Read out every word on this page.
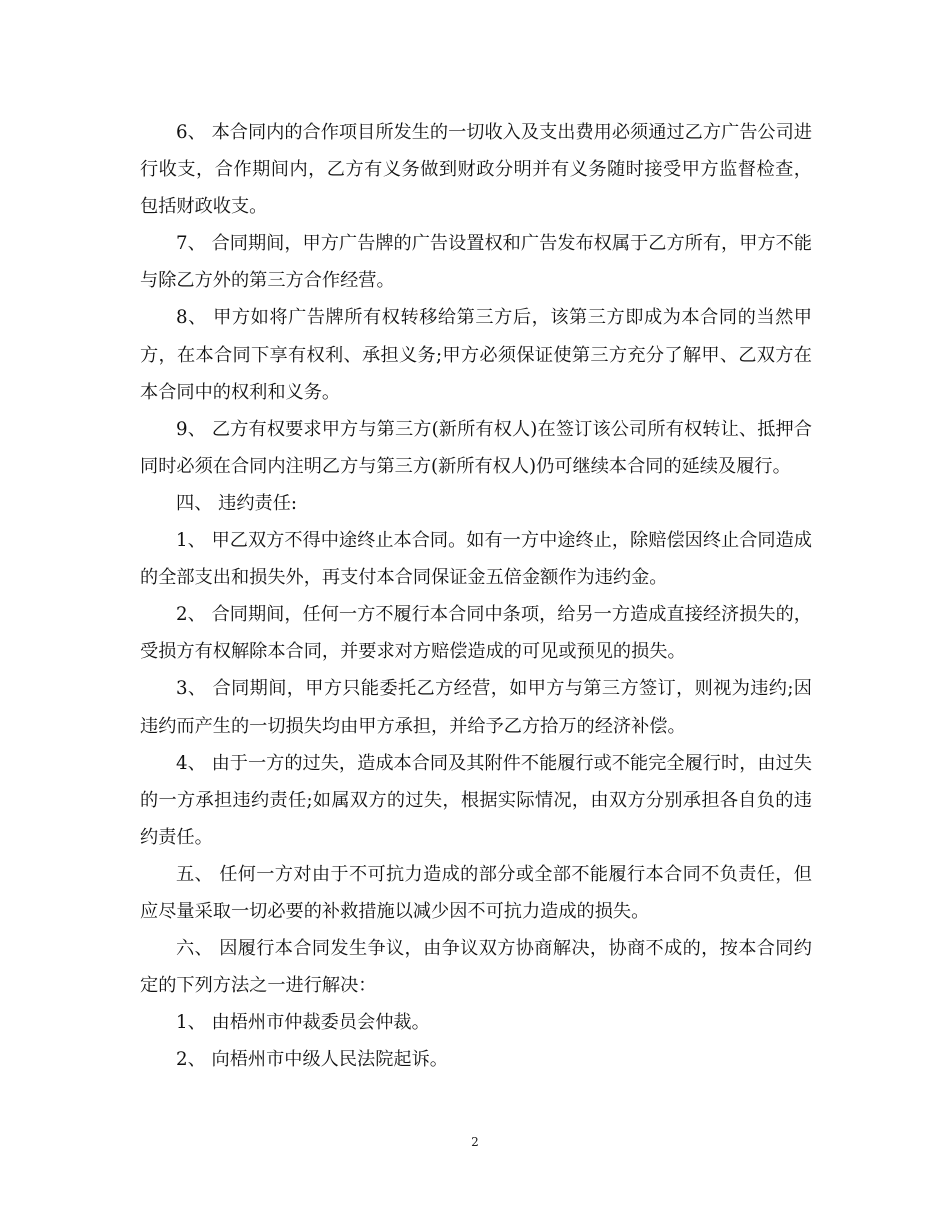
6、 本合同内的合作项目所发生的一切收入及支出费用必须通过乙方广告公司进行收支，合作期间内，乙方有义务做到财政分明并有义务随时接受甲方监督检查，包括财政收支。

7、 合同期间，甲方广告牌的广告设置权和广告发布权属于乙方所有，甲方不能与除乙方外的第三方合作经营。

8、 甲方如将广告牌所有权转移给第三方后，该第三方即成为本合同的当然甲方，在本合同下享有权利、承担义务;甲方必须保证使第三方充分了解甲、乙双方在本合同中的权利和义务。

9、 乙方有权要求甲方与第三方(新所有权人)在签订该公司所有权转让、抵押合同时必须在合同内注明乙方与第三方(新所有权人)仍可继续本合同的延续及履行。

四、 违约责任:

1、 甲乙双方不得中途终止本合同。如有一方中途终止，除赔偿因终止合同造成的全部支出和损失外，再支付本合同保证金五倍金额作为违约金。

2、 合同期间，任何一方不履行本合同中条项，给另一方造成直接经济损失的，受损方有权解除本合同，并要求对方赔偿造成的可见或预见的损失。

3、 合同期间，甲方只能委托乙方经营，如甲方与第三方签订，则视为违约;因违约而产生的一切损失均由甲方承担，并给予乙方拾万的经济补偿。

4、 由于一方的过失，造成本合同及其附件不能履行或不能完全履行时，由过失的一方承担违约责任;如属双方的过失，根据实际情况，由双方分别承担各自负的违约责任。

五、 任何一方对由于不可抗力造成的部分或全部不能履行本合同不负责任，但应尽量采取一切必要的补救措施以减少因不可抗力造成的损失。

六、 因履行本合同发生争议，由争议双方协商解决，协商不成的，按本合同约定的下列方法之一进行解决：

1、 由梧州市仲裁委员会仲裁。

2、 向梧州市中级人民法院起诉。

2
